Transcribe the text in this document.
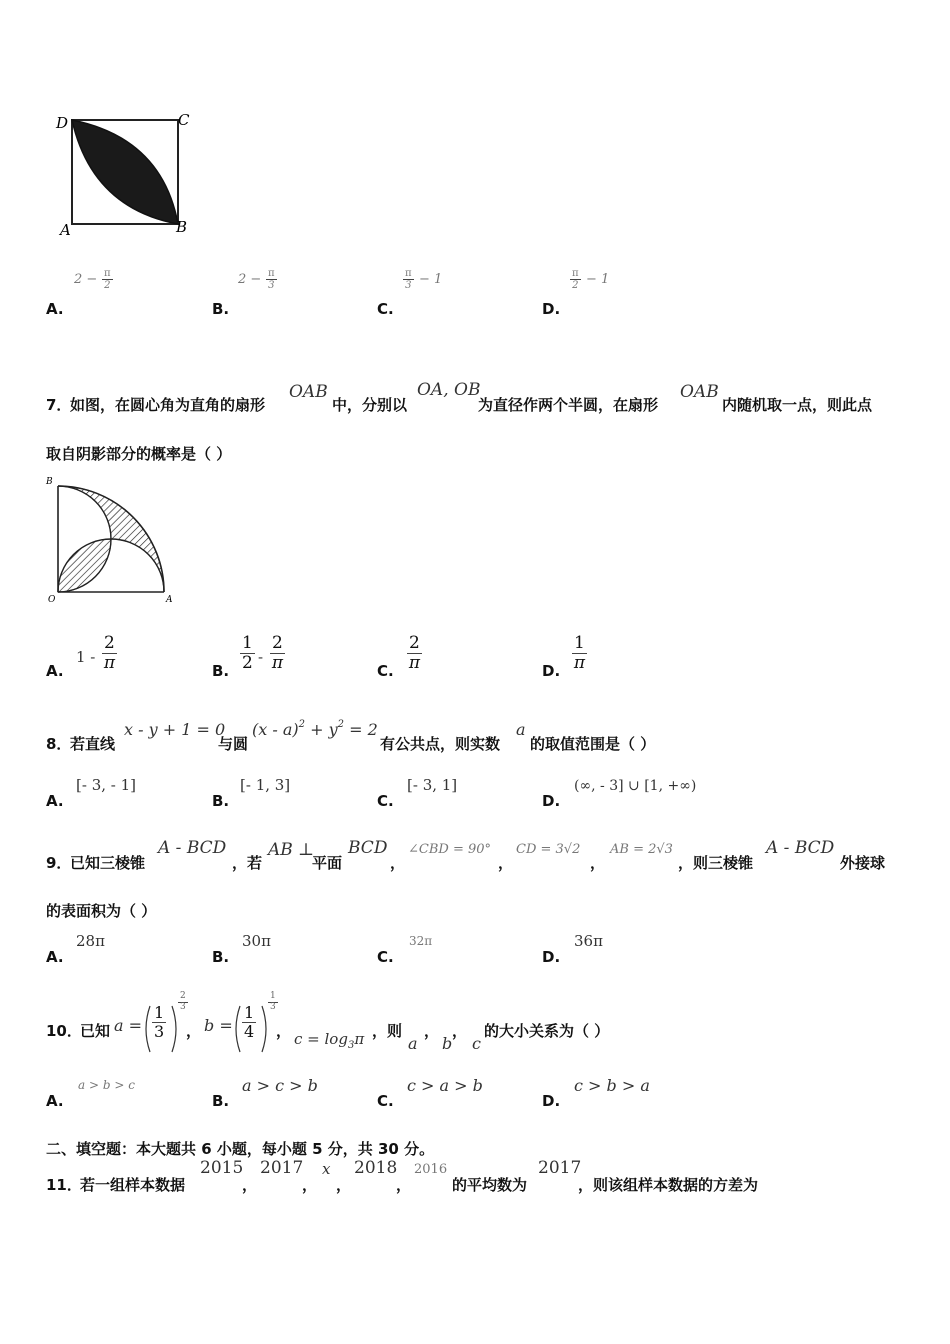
D	C
A	B
$2 - \frac{\pi}{2}$
A.
$2 - \frac{\pi}{3}$
B.
$\frac{\pi}{3} - 1$
C.
$\frac{\pi}{2} - 1$
D.
7．
如图，在圆心角为直角的扇形
OAB
中，分别以
OA, OB
为直径作两个半圆，在扇形
OAB
内随机取一点，则此点
取自阴影部分的概率是（ ）
B
O	A
A.
$1 - \frac{2}{\pi}$	B. $\frac{1}{2} - \frac{2}{\pi}$	C. $\frac{2}{\pi}$	D. $\frac{1}{\pi}$
8．
若直线
x - y + 1 = 0
与圆
$(x - a)^2 + y^2 = 2$
有公共点，则实数
a
的取值范围是（ ）
A.
[- 3, - 1]
B.
[- 1, 3]
C.
[- 3, 1]
D.
(∞, - 3] ∪ [1, +∞)
9．
已知三棱锥
A - BCD
，若
AB ⊥
平面
BCD
，
∠CBD = 90°
，
CD = 3√2
，
AB = 2√3
，则三棱锥
A - BCD
外接球
的表面积为（ ）
A.
28π
B.
30π
C.
32π
D.
36π
10．
已知 $a = \frac{1}{3}$
$\frac{2}{3}$
， $b = \frac{1}{4}$
$\frac{1}{3}$
， $c = \log_3\pi$ ，则 ， ，
a b c
的大小关系为（ ）
A.
a > b > c
B.
a > c > b
C.
c > a > b
D.
c > b > a
二、填空题：本大题共 6 小题，每小题 5 分，共 30 分。
11．
若一组样本数据
2015
，
2017
，
x
，
2018
，
2016
的平均数为
2017
，则该组样本数据的方差为
